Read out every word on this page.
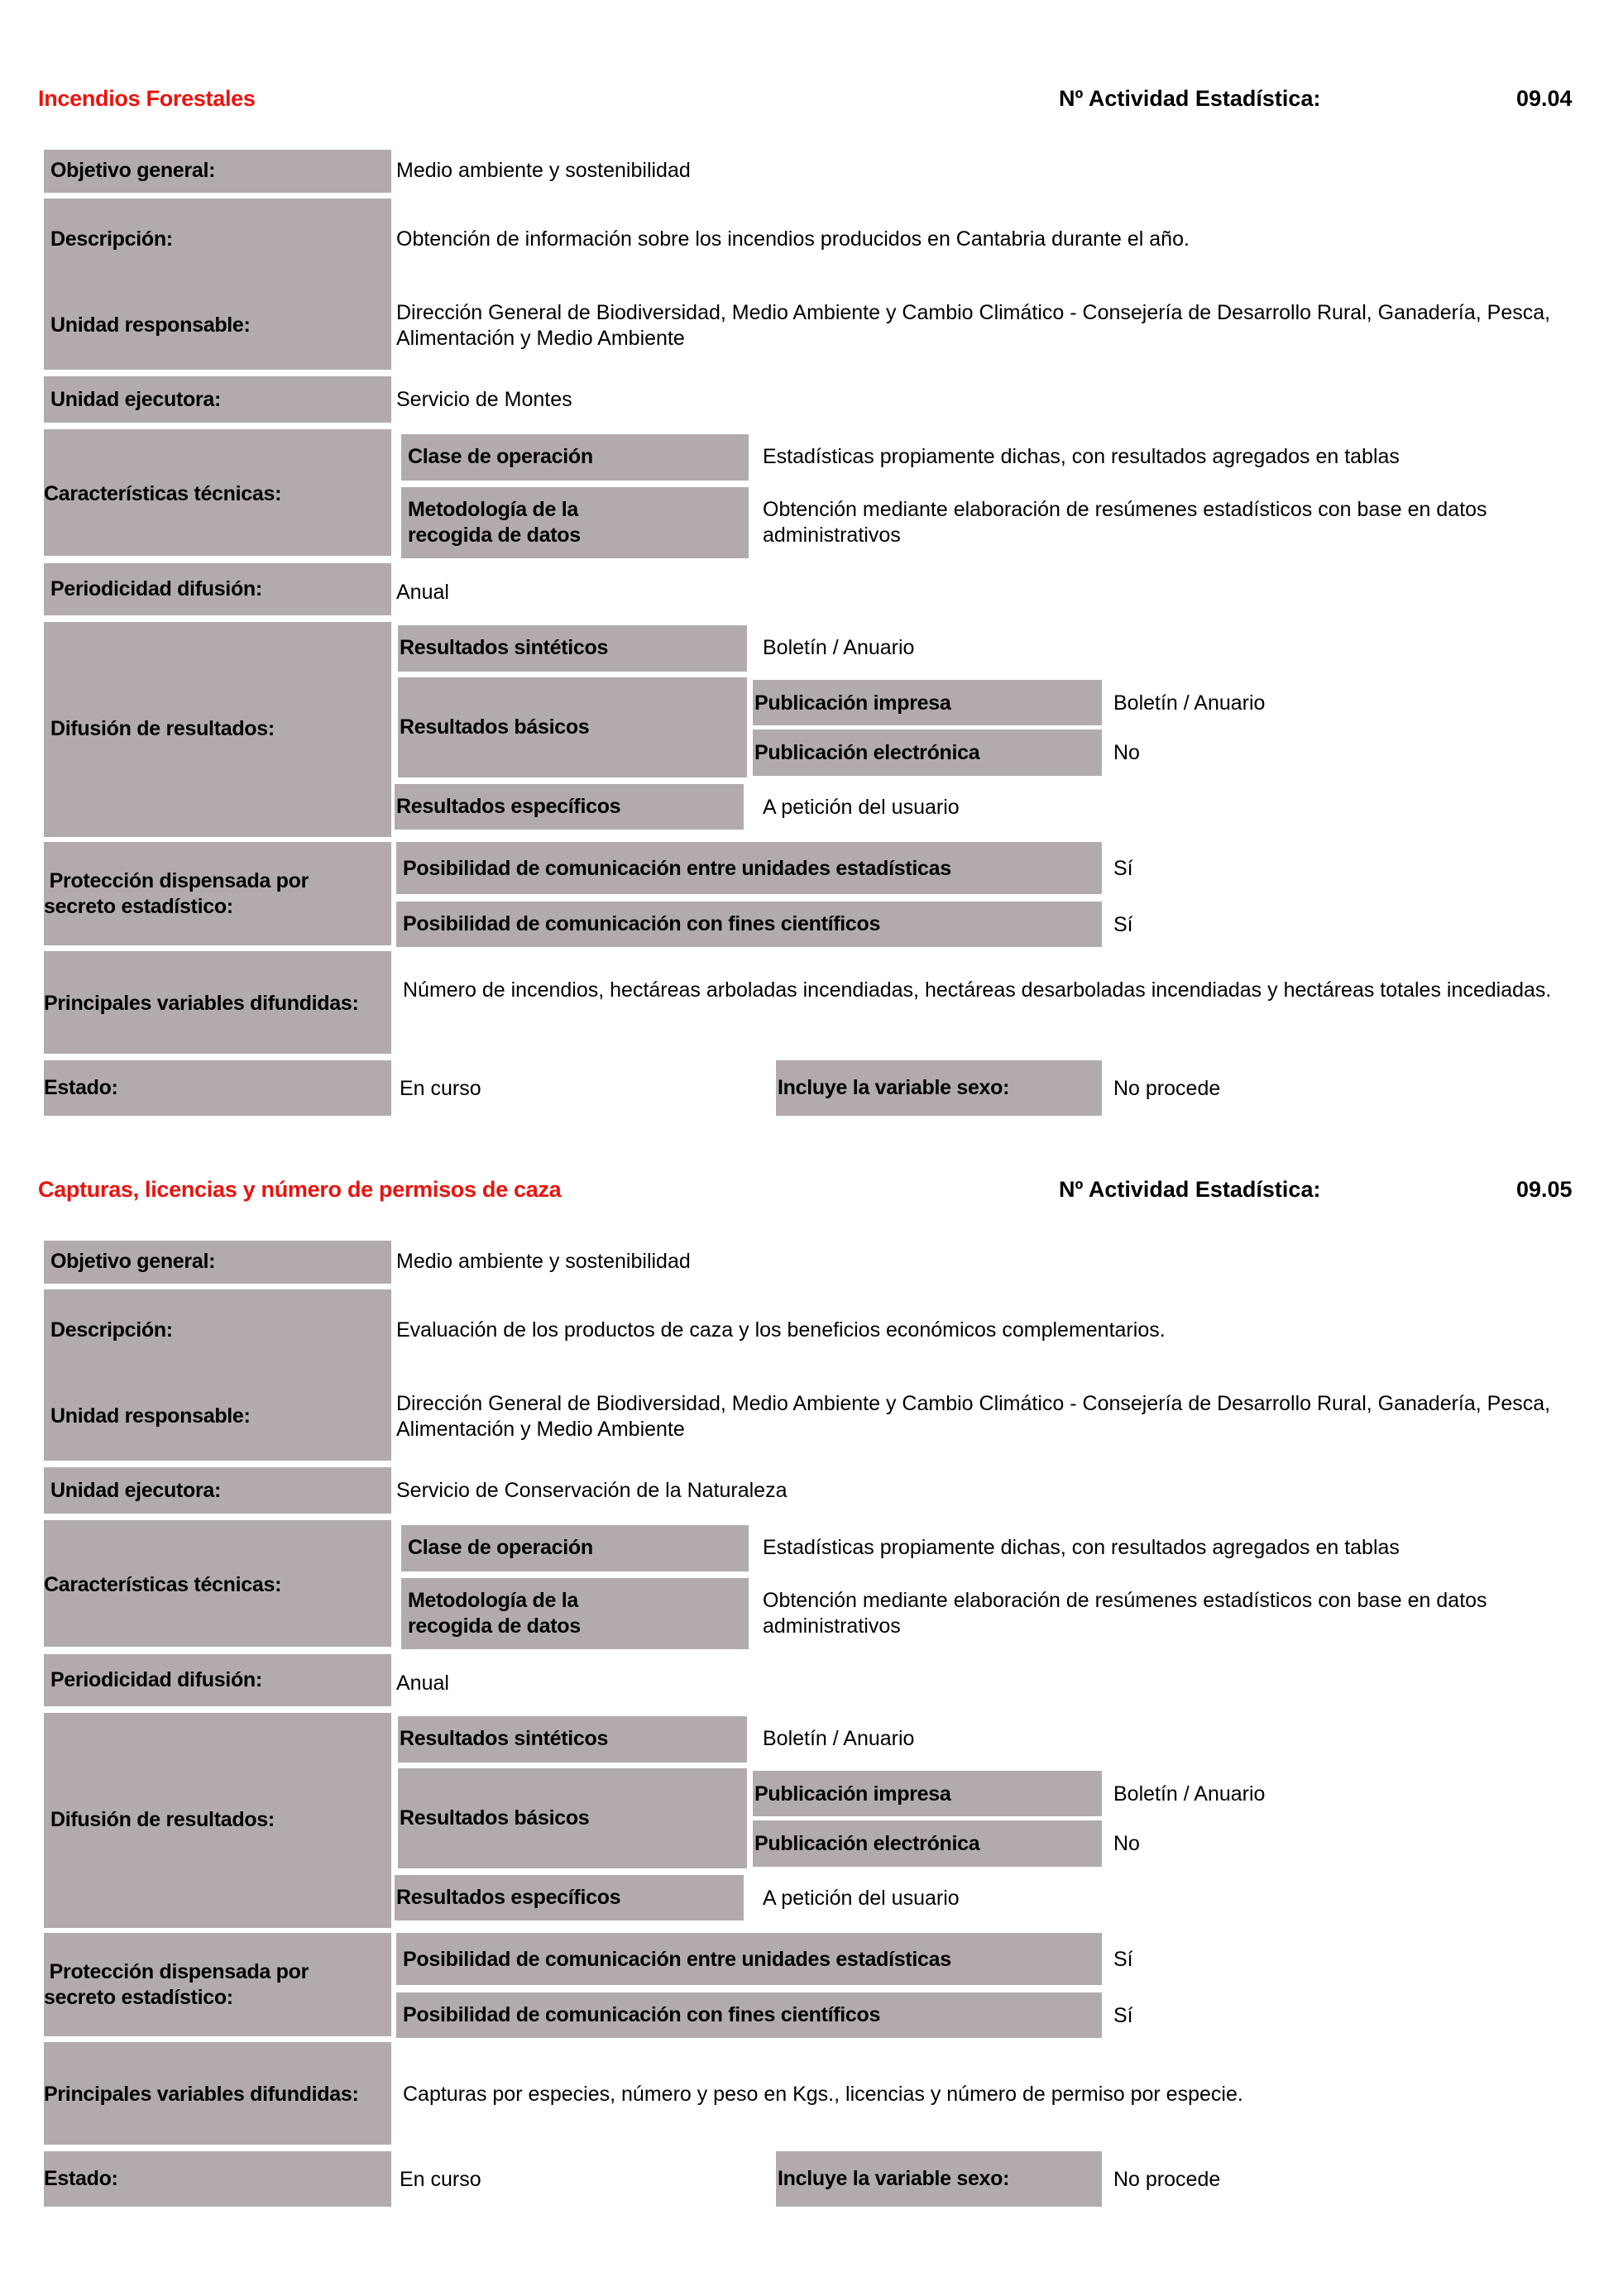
Incendios Forestales	Nº Actividad Estadística:	09.04
Objetivo general:	Medio ambiente y sostenibilidad
Descripción:	Obtención de información sobre los incendios producidos en Cantabria durante el año.
Unidad responsable:
Dirección General de Biodiversidad, Medio Ambiente y Cambio Climático - Consejería de Desarrollo Rural, Ganadería, Pesca, Alimentación y Medio Ambiente
Unidad ejecutora:	Servicio de Montes
Características técnicas:
Clase de operación	Estadísticas propiamente dichas, con resultados agregados en tablas
Metodología de la
recogida de datos
Obtención mediante elaboración de resúmenes estadísticos con base en datos administrativos
Periodicidad difusión:	Anual
Difusión de resultados:
Resultados sintéticos	Boletín / Anuario
Resultados básicos
Publicación impresa	Boletín / Anuario
Publicación electrónica	No
Resultados específicos	A petición del usuario
Protección dispensada por
secreto estadístico:
Posibilidad de comunicación entre unidades estadísticas	Sí
Posibilidad de comunicación con fines científicos	Sí
Principales variables difundidas:
Número de incendios, hectáreas arboladas incendiadas, hectáreas desarboladas incendiadas y hectáreas totales incediadas.
Estado:	En curso	Incluye la variable sexo:	No procede
Capturas, licencias y número de permisos de caza	Nº Actividad Estadística:	09.05
Objetivo general:	Medio ambiente y sostenibilidad
Descripción:	Evaluación de los productos de caza y los beneficios económicos complementarios.
Unidad responsable:
Dirección General de Biodiversidad, Medio Ambiente y Cambio Climático - Consejería de Desarrollo Rural, Ganadería, Pesca, Alimentación y Medio Ambiente
Unidad ejecutora:	Servicio de Conservación de la Naturaleza
Características técnicas:
Clase de operación	Estadísticas propiamente dichas, con resultados agregados en tablas
Metodología de la
recogida de datos
Obtención mediante elaboración de resúmenes estadísticos con base en datos administrativos
Periodicidad difusión:	Anual
Difusión de resultados:
Resultados sintéticos	Boletín / Anuario
Resultados básicos
Publicación impresa	Boletín / Anuario
Publicación electrónica	No
Resultados específicos	A petición del usuario
Protección dispensada por
secreto estadístico:
Posibilidad de comunicación entre unidades estadísticas	Sí
Posibilidad de comunicación con fines científicos	Sí
Principales variables difundidas: Capturas por especies, número y peso en Kgs., licencias y número de permiso por especie.
Estado:	En curso	Incluye la variable sexo:	No procede
